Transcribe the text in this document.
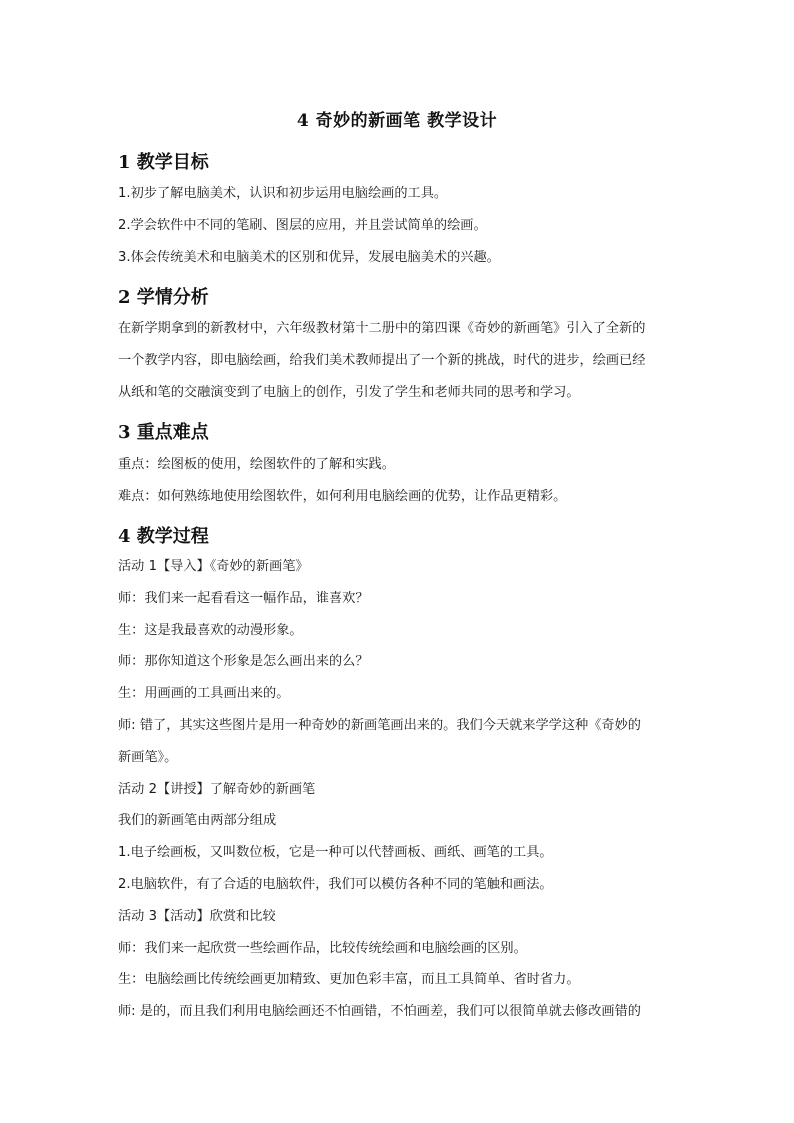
4 奇妙的新画笔 教学设计
1 教学目标
1.初步了解电脑美术，认识和初步运用电脑绘画的工具。
2.学会软件中不同的笔刷、图层的应用，并且尝试简单的绘画。
3.体会传统美术和电脑美术的区别和优异，发展电脑美术的兴趣。
2 学情分析
在新学期拿到的新教材中，六年级教材第十二册中的第四课《奇妙的新画笔》引入了全新的
一个教学内容，即电脑绘画，给我们美术教师提出了一个新的挑战，时代的进步，绘画已经
从纸和笔的交融演变到了电脑上的创作，引发了学生和老师共同的思考和学习。
3 重点难点
重点：绘图板的使用，绘图软件的了解和实践。
难点：如何熟练地使用绘图软件，如何利用电脑绘画的优势，让作品更精彩。
4 教学过程
活动 1【导入】《奇妙的新画笔》
师：我们来一起看看这一幅作品，谁喜欢？
生：这是我最喜欢的动漫形象。
师：那你知道这个形象是怎么画出来的么？
生：用画画的工具画出来的。
师: 错了，其实这些图片是用一种奇妙的新画笔画出来的。我们今天就来学学这种《奇妙的
新画笔》。
活动 2【讲授】了解奇妙的新画笔
我们的新画笔由两部分组成
1.电子绘画板，又叫数位板，它是一种可以代替画板、画纸、画笔的工具。
2.电脑软件，有了合适的电脑软件，我们可以模仿各种不同的笔触和画法。
活动 3【活动】欣赏和比较
师：我们来一起欣赏一些绘画作品，比较传统绘画和电脑绘画的区别。
生：电脑绘画比传统绘画更加精致、更加色彩丰富，而且工具简单、省时省力。
师: 是的，而且我们利用电脑绘画还不怕画错，不怕画差，我们可以很简单就去修改画错的
